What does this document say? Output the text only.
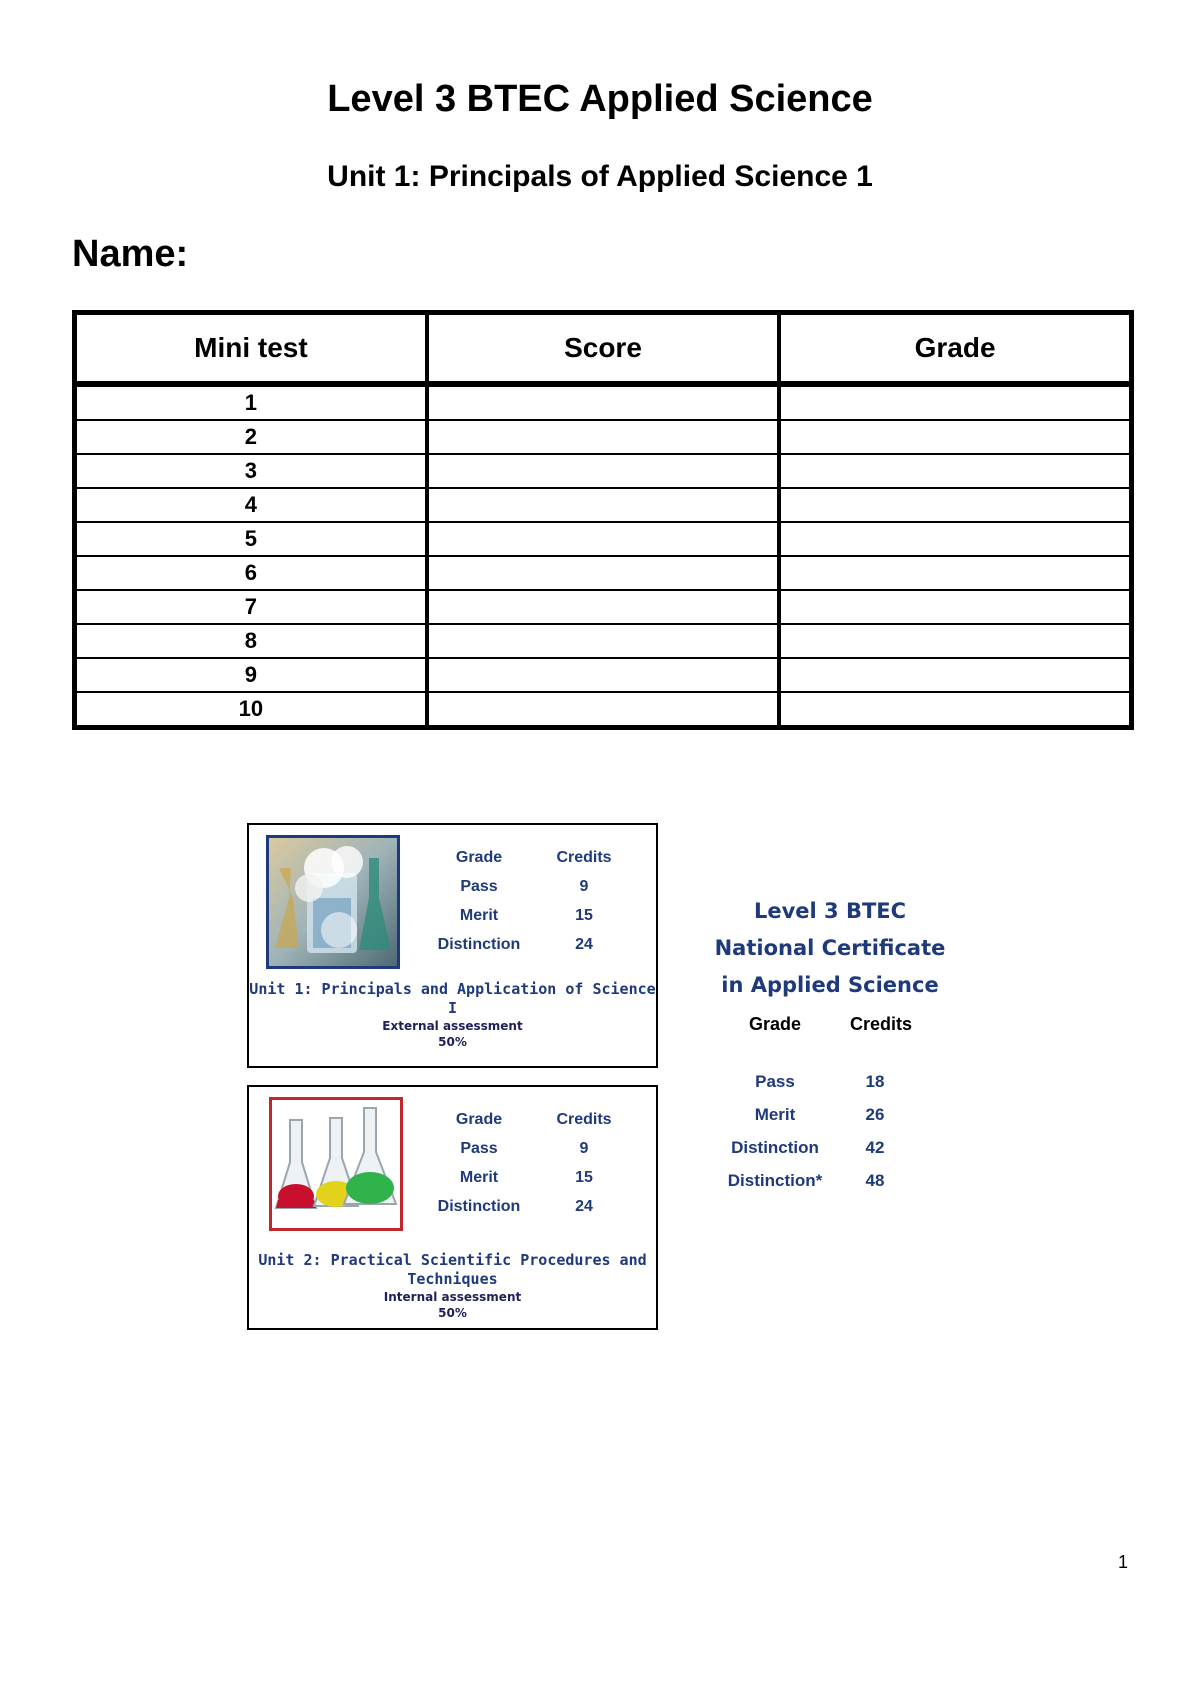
Level 3 BTEC Applied Science
Unit 1: Principals of Applied Science 1
Name:
Mini test	Score	Grade
1		
2		
3		
4		
5		
6		
7		
8		
9		
10		
Grade	Credits
Pass	9
Merit	15
Distinction	24
Unit 1: Principals and Application of Science I
External assessment
50%
Grade	Credits
Pass	9
Merit	15
Distinction	24
Unit 2: Practical Scientific Procedures and Techniques
Internal assessment
50%
Level 3 BTEC
National Certificate
in Applied Science
Grade	Credits
Pass	18
Merit	26
Distinction	42
Distinction*	48
1
